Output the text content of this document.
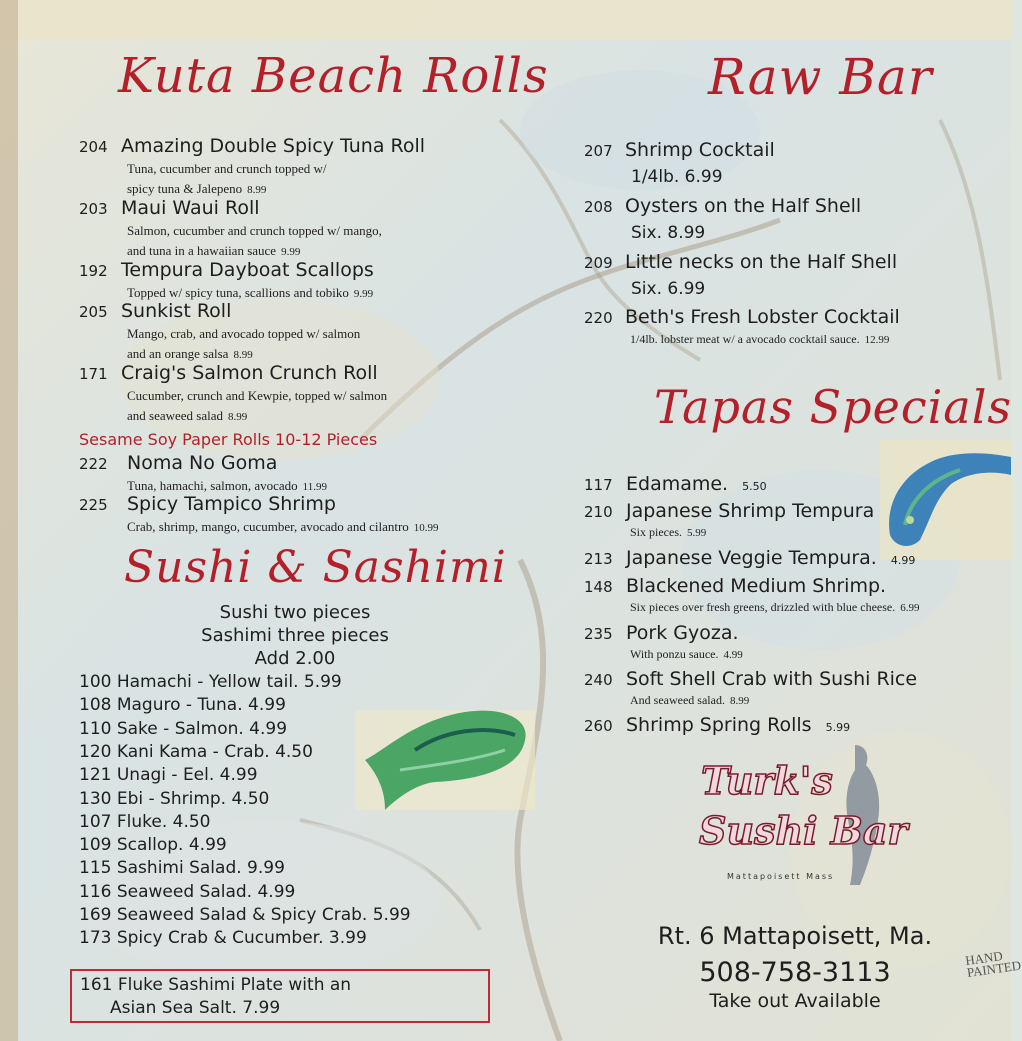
Kuta Beach Rolls
204 Amazing Double Spicy Tuna Roll
Tuna, cucumber and crunch topped w/
spicy tuna & Jalepeno 8.99
203 Maui Waui Roll
Salmon, cucumber and crunch topped w/ mango,
and tuna in a hawaiian sauce 9.99
192 Tempura Dayboat Scallops
Topped w/ spicy tuna, scallions and tobiko 9.99
205 Sunkist Roll
Mango, crab, and avocado topped w/ salmon
and an orange salsa 8.99
171 Craig's Salmon Crunch Roll
Cucumber, crunch and Kewpie, topped w/ salmon
and seaweed salad 8.99
Sesame Soy Paper Rolls 10-12 Pieces
222 Noma No Goma
Tuna, hamachi, salmon, avocado 11.99
225 Spicy Tampico Shrimp
Crab, shrimp, mango, cucumber, avocado and cilantro 10.99
Sushi & Sashimi
Sushi two pieces
Sashimi three pieces
Add 2.00
100 Hamachi - Yellow tail. 5.99
108 Maguro - Tuna. 4.99
110 Sake - Salmon. 4.99
120 Kani Kama - Crab. 4.50
121 Unagi - Eel. 4.99
130 Ebi - Shrimp. 4.50
107 Fluke. 4.50
109 Scallop. 4.99
115 Sashimi Salad. 9.99
116 Seaweed Salad. 4.99
169 Seaweed Salad & Spicy Crab. 5.99
173 Spicy Crab & Cucumber. 3.99
161 Fluke Sashimi Plate with an
Asian Sea Salt. 7.99
Raw Bar
207 Shrimp Cocktail
1/4lb. 6.99
208 Oysters on the Half Shell
Six. 8.99
209 Little necks on the Half Shell
Six. 6.99
220 Beth's Fresh Lobster Cocktail
1/4lb. lobster meat w/ a avocado cocktail sauce. 12.99
Tapas Specials
117 Edamame. 5.50
210 Japanese Shrimp Tempura
Six pieces. 5.99
213 Japanese Veggie Tempura. 4.99
148 Blackened Medium Shrimp.
Six pieces over fresh greens, drizzled with blue cheese. 6.99
235 Pork Gyoza.
With ponzu sauce. 4.99
240 Soft Shell Crab with Sushi Rice
And seaweed salad. 8.99
260 Shrimp Spring Rolls 5.99
Turk's
Sushi Bar
Mattapoisett Mass
Rt. 6 Mattapoisett, Ma.
508-758-3113
Take out Available
HAND PAINTED
